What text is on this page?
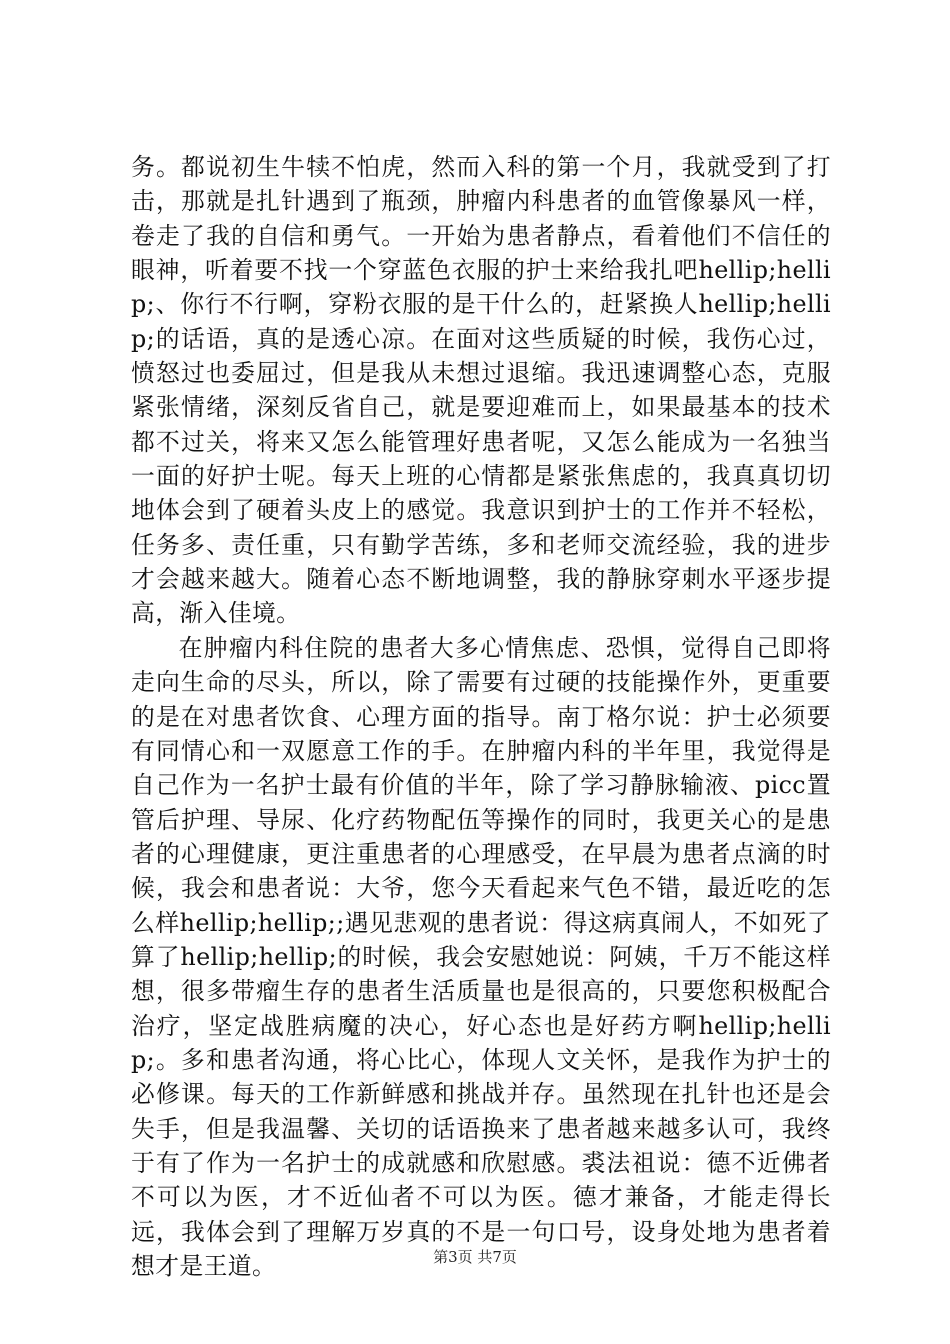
务。都说初生牛犊不怕虎，然而入科的第一个月，我就受到了打击，那就是扎针遇到了瓶颈，肿瘤内科患者的血管像暴风一样，卷走了我的自信和勇气。一开始为患者静点，看着他们不信任的眼神，听着要不找一个穿蓝色衣服的护士来给我扎吧hellip;hellip;、你行不行啊，穿粉衣服的是干什么的，赶紧换人hellip;hellip;的话语，真的是透心凉。在面对这些质疑的时候，我伤心过，愤怒过也委屈过，但是我从未想过退缩。我迅速调整心态，克服紧张情绪，深刻反省自己，就是要迎难而上，如果最基本的技术都不过关，将来又怎么能管理好患者呢，又怎么能成为一名独当一面的好护士呢。每天上班的心情都是紧张焦虑的，我真真切切地体会到了硬着头皮上的感觉。我意识到护士的工作并不轻松，任务多、责任重，只有勤学苦练，多和老师交流经验，我的进步才会越来越大。随着心态不断地调整，我的静脉穿刺水平逐步提高，渐入佳境。

在肿瘤内科住院的患者大多心情焦虑、恐惧，觉得自己即将走向生命的尽头，所以，除了需要有过硬的技能操作外，更重要的是在对患者饮食、心理方面的指导。南丁格尔说：护士必须要有同情心和一双愿意工作的手。在肿瘤内科的半年里，我觉得是自己作为一名护士最有价值的半年，除了学习静脉输液、picc置管后护理、导尿、化疗药物配伍等操作的同时，我更关心的是患者的心理健康，更注重患者的心理感受，在早晨为患者点滴的时候，我会和患者说：大爷，您今天看起来气色不错，最近吃的怎么样hellip;hellip;;遇见悲观的患者说：得这病真闹人，不如死了算了hellip;hellip;的时候，我会安慰她说：阿姨，千万不能这样想，很多带瘤生存的患者生活质量也是很高的，只要您积极配合治疗，坚定战胜病魔的决心，好心态也是好药方啊hellip;hellip;。多和患者沟通，将心比心，体现人文关怀，是我作为护士的必修课。每天的工作新鲜感和挑战并存。虽然现在扎针也还是会失手，但是我温馨、关切的话语换来了患者越来越多认可，我终于有了作为一名护士的成就感和欣慰感。裘法祖说：德不近佛者不可以为医，才不近仙者不可以为医。德才兼备，才能走得长远，我体会到了理解万岁真的不是一句口号，设身处地为患者着想才是王道。	第3页 共7页
